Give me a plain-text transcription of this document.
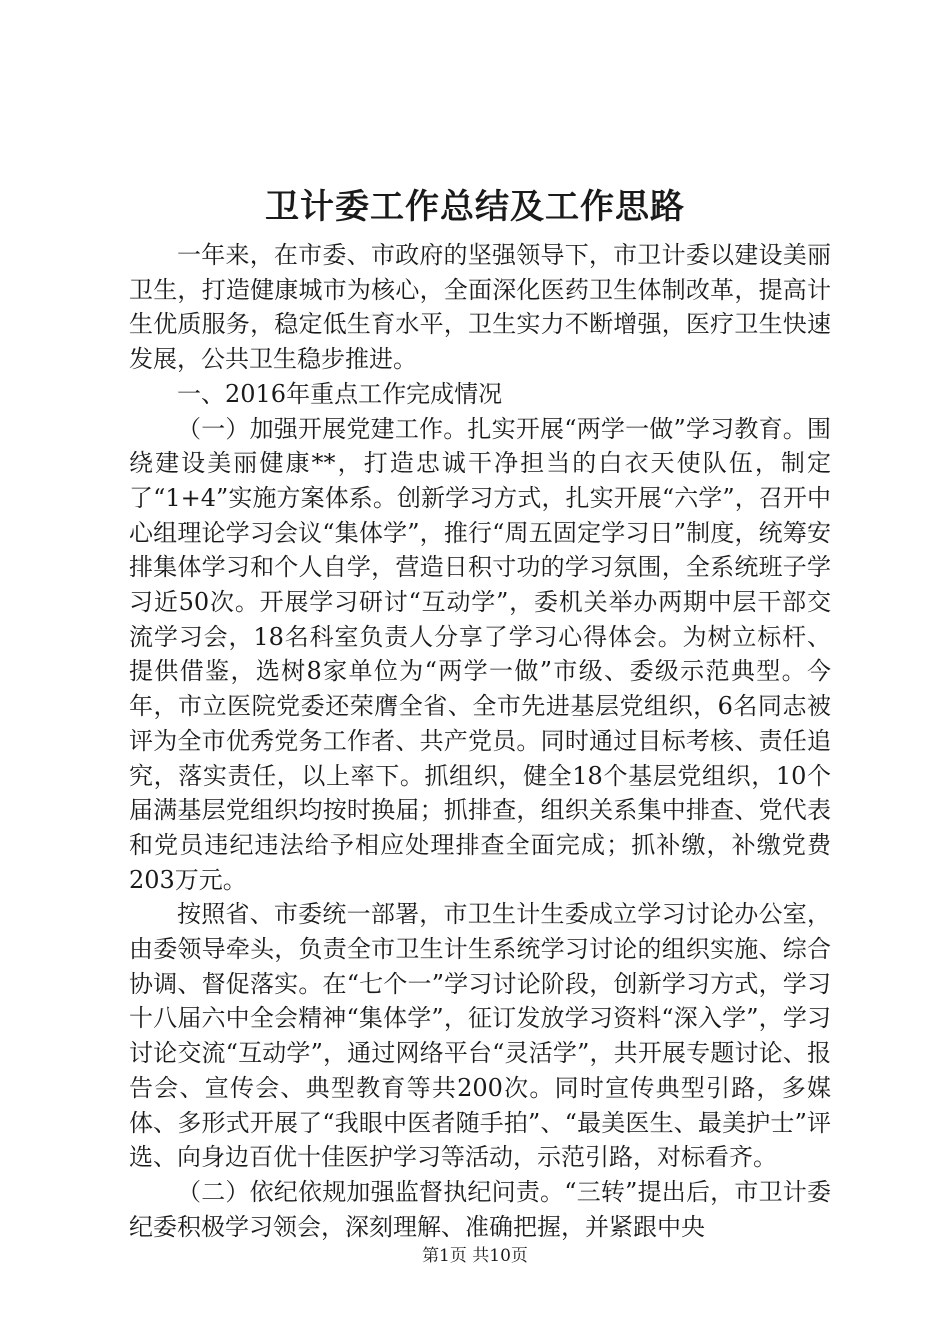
卫计委工作总结及工作思路

一年来，在市委、市政府的坚强领导下，市卫计委以建设美丽卫生，打造健康城市为核心，全面深化医药卫生体制改革，提高计生优质服务，稳定低生育水平，卫生实力不断增强，医疗卫生快速发展，公共卫生稳步推进。

一、2016年重点工作完成情况

（一）加强开展党建工作。扎实开展“两学一做”学习教育。围绕建设美丽健康**，打造忠诚干净担当的白衣天使队伍，制定了“1+4”实施方案体系。创新学习方式，扎实开展“六学”，召开中心组理论学习会议“集体学”，推行“周五固定学习日”制度，统筹安排集体学习和个人自学，营造日积寸功的学习氛围，全系统班子学习近50次。开展学习研讨“互动学”，委机关举办两期中层干部交流学习会，18名科室负责人分享了学习心得体会。为树立标杆、提供借鉴，选树8家单位为“两学一做”市级、委级示范典型。今年，市立医院党委还荣膺全省、全市先进基层党组织，6名同志被评为全市优秀党务工作者、共产党员。同时通过目标考核、责任追究，落实责任，以上率下。抓组织，健全18个基层党组织，10个届满基层党组织均按时换届；抓排查，组织关系集中排查、党代表和党员违纪违法给予相应处理排查全面完成；抓补缴，补缴党费203万元。

按照省、市委统一部署，市卫生计生委成立学习讨论办公室，由委领导牵头，负责全市卫生计生系统学习讨论的组织实施、综合协调、督促落实。在“七个一”学习讨论阶段，创新学习方式，学习十八届六中全会精神“集体学”，征订发放学习资料“深入学”，学习讨论交流“互动学”，通过网络平台“灵活学”，共开展专题讨论、报告会、宣传会、典型教育等共200次。同时宣传典型引路，多媒体、多形式开展了“我眼中医者随手拍”、“最美医生、最美护士”评选、向身边百优十佳医护学习等活动，示范引路，对标看齐。

（二）依纪依规加强监督执纪问责。“三转”提出后，市卫计委纪委积极学习领会，深刻理解、准确把握，并紧跟中央

第1页 共10页
